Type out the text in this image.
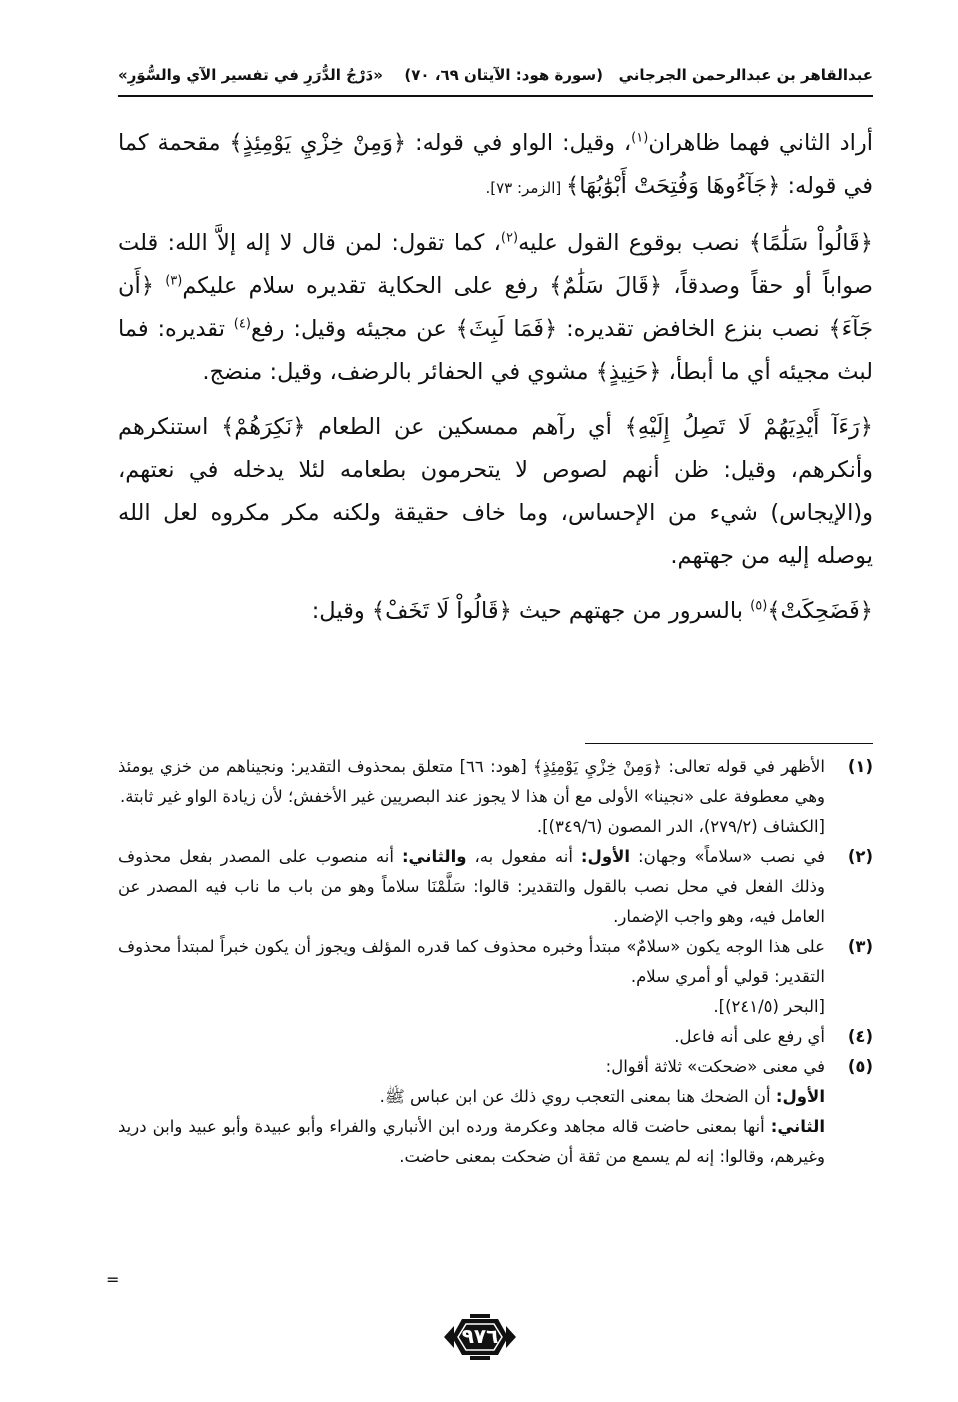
عبدالقاهر بن عبدالرحمن الجرجاني
(سورة هود: الآيتان ٦٩، ٧٠)
«دَرْجُ الدُّرَرِ في تفسير الآي والسُّوَرِ»

أراد الثاني فهما ظاهران$^{(١)}$، وقيل: الواو في قوله: ﴿وَمِنْ خِزْيِ يَوْمِئِذٍ﴾ مقحمة كما في قوله: ﴿جَآءُوهَا وَفُتِحَتْ أَبْوَٰبُهَا﴾ [الزمر: ٧٣].

﴿قَالُواْ سَلَٰمًا﴾ نصب بوقوع القول عليه$^{(٢)}$، كما تقول: لمن قال لا إله إلاَّ الله: قلت صواباً أو حقاً وصدقاً، ﴿قَالَ سَلَٰمٌ﴾ رفع على الحكاية تقديره سلام عليكم$^{(٣)}$ ﴿أَن جَآءَ﴾ نصب بنزع الخافض تقديره: ﴿فَمَا لَبِثَ﴾ عن مجيئه وقيل: رفع$^{(٤)}$ تقديره: فما لبث مجيئه أي ما أبطأ، ﴿حَنِيذٍ﴾ مشوي في الحفائر بالرضف، وقيل: منضج.

﴿رَءَآ أَيْدِيَهُمْ لَا تَصِلُ إِلَيْهِ﴾ أي رآهم ممسكين عن الطعام ﴿نَكِرَهُمْ﴾ استنكرهم وأنكرهم، وقيل: ظن أنهم لصوص لا يتحرمون بطعامه لئلا يدخله في نعتهم، و(الإيجاس) شيء من الإحساس، وما خاف حقيقة ولكنه مكر مكروه لعل الله يوصله إليه من جهتهم.

﴿فَضَحِكَتْ﴾$^{(٥)}$ بالسرور من جهتهم حيث ﴿قَالُواْ لَا تَخَفْ﴾ وقيل:

(١)

الأظهر في قوله تعالى: ﴿وَمِنْ خِزْيِ يَوْمِئِذٍ﴾ [هود: ٦٦] متعلق بمحذوف التقدير: ونجيناهم من خزي يومئذ وهي معطوفة على «نجينا» الأولى مع أن هذا لا يجوز عند البصريين غير الأخفش؛ لأن زيادة الواو غير ثابتة.

[الكشاف (٢٧٩/٢)، الدر المصون (٣٤٩/٦)].
(٢)

في نصب «سلاماً» وجهان: الأول: أنه مفعول به، والثاني: أنه منصوب على المصدر بفعل محذوف وذلك الفعل في محل نصب بالقول والتقدير: قالوا: سَلَّمْنَا سلاماً وهو من باب ما ناب فيه المصدر عن العامل فيه، وهو واجب الإضمار.

(٣)

على هذا الوجه يكون «سلامٌ» مبتدأ وخبره محذوف كما قدره المؤلف ويجوز أن يكون خبراً لمبتدأ محذوف التقدير: قولي أو أمري سلام.

[البحر (٢٤١/٥)].
(٤)

أي رفع على أنه فاعل.

(٥)

في معنى «ضحكت» ثلاثة أقوال:

الأول: أن الضحك هنا بمعنى التعجب روي ذلك عن ابن عباس ﷺ.

الثاني: أنها بمعنى حاضت قاله مجاهد وعكرمة ورده ابن الأنباري والفراء وأبو عبيدة وأبو عبيد وابن دريد وغيرهم، وقالوا: إنه لم يسمع من ثقة أن ضحكت بمعنى حاضت.

=
٩٧٦
